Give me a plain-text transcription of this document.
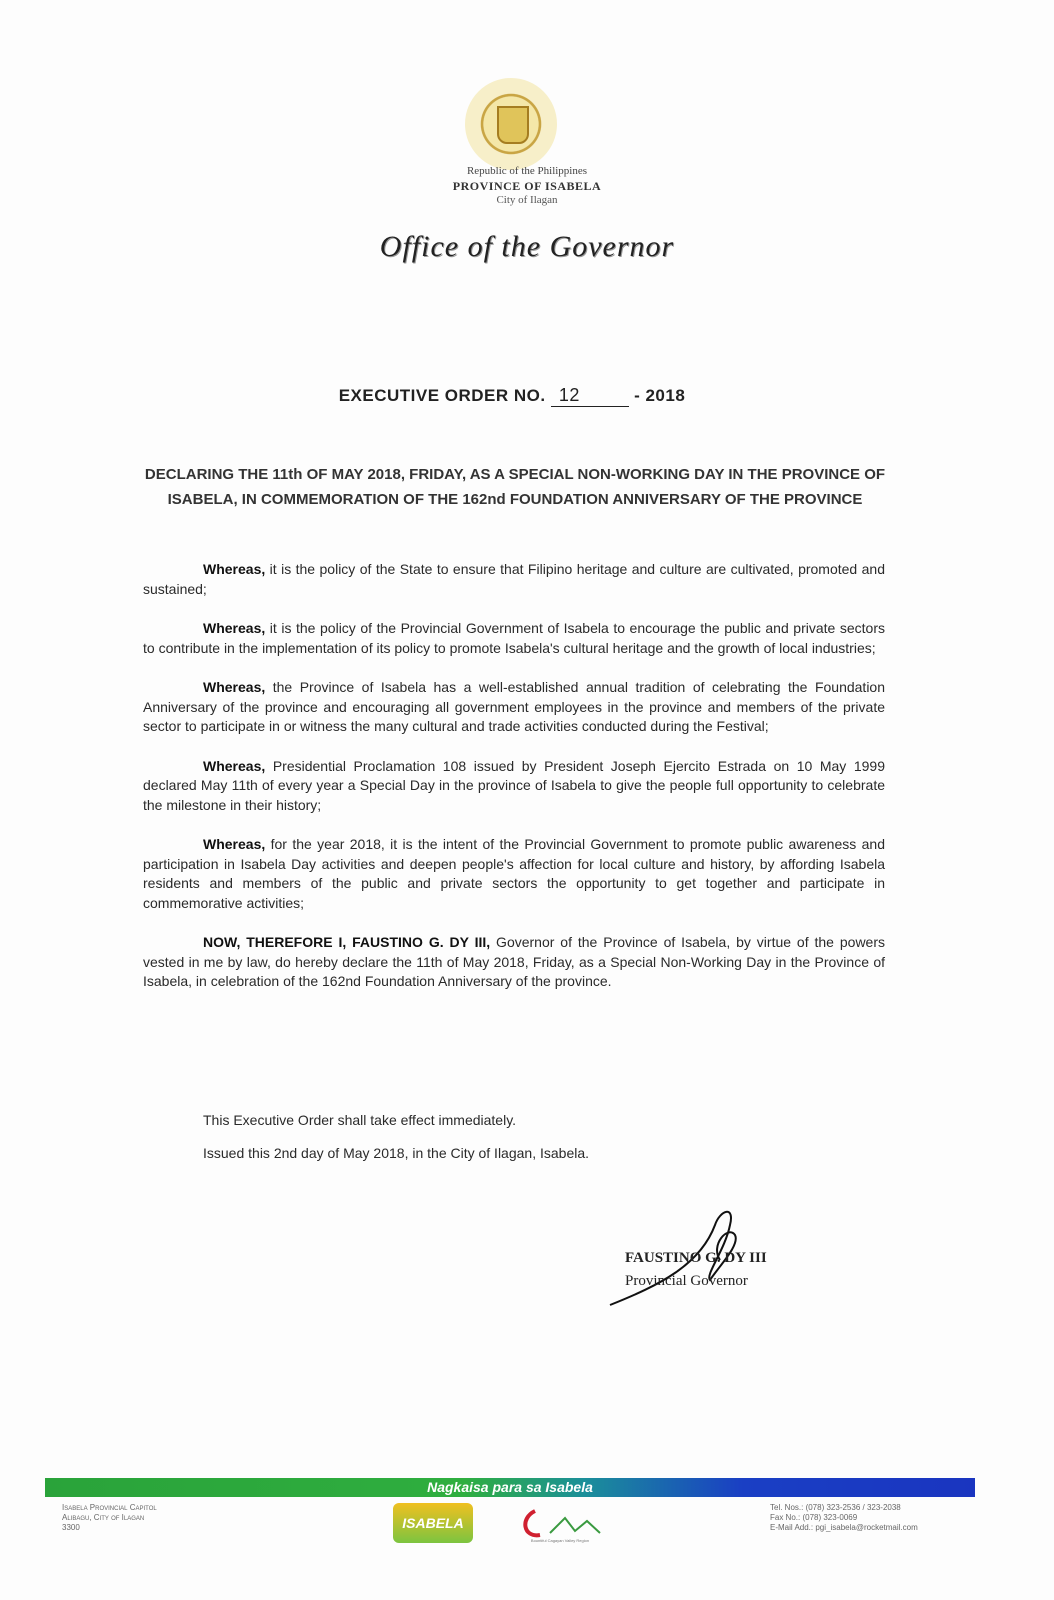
Republic of the Philippines
PROVINCE OF ISABELA
City of Ilagan
Office of the Governor
EXECUTIVE ORDER NO. 12	- 2018
DECLARING THE 11th OF MAY 2018, FRIDAY, AS A SPECIAL NON-WORKING DAY IN THE PROVINCE OF ISABELA, IN COMMEMORATION OF THE 162nd FOUNDATION ANNIVERSARY OF THE PROVINCE

Whereas, it is the policy of the State to ensure that Filipino heritage and culture are cultivated, promoted and sustained;

Whereas, it is the policy of the Provincial Government of Isabela to encourage the public and private sectors to contribute in the implementation of its policy to promote Isabela's cultural heritage and the growth of local industries;

Whereas, the Province of Isabela has a well-established annual tradition of celebrating the Foundation Anniversary of the province and encouraging all government employees in the province and members of the private sector to participate in or witness the many cultural and trade activities conducted during the Festival;

Whereas, Presidential Proclamation 108 issued by President Joseph Ejercito Estrada on 10 May 1999 declared May 11th of every year a Special Day in the province of Isabela to give the people full opportunity to celebrate the milestone in their history;

Whereas, for the year 2018, it is the intent of the Provincial Government to promote public awareness and participation in Isabela Day activities and deepen people's affection for local culture and history, by affording Isabela residents and members of the public and private sectors the opportunity to get together and participate in commemorative activities;

NOW, THEREFORE I, FAUSTINO G. DY III, Governor of the Province of Isabela, by virtue of the powers vested in me by law, do hereby declare the 11th of May 2018, Friday, as a Special Non-Working Day in the Province of Isabela, in celebration of the 162nd Foundation Anniversary of the province.

This Executive Order shall take effect immediately.
Issued this 2nd day of May 2018, in the City of Ilagan, Isabela.
FAUSTINO G. DY III
Provincial Governor
Nagkaisa para sa Isabela
Isabela Provincial Capitol
Alibagu, City of Ilagan
3300	ISABELA
Bountiful Cagayan Valley Region
Tel. Nos.: (078) 323-2536 / 323-2038
Fax No.: (078) 323-0069
E-Mail Add.: pgi_isabela@rocketmail.com
